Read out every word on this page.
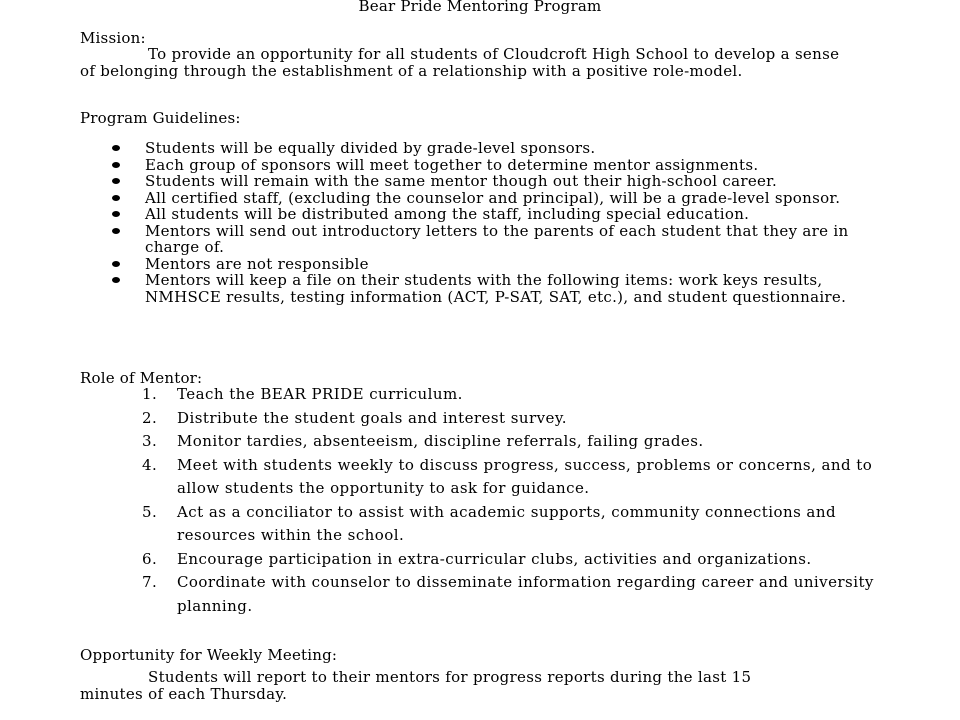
Bear Pride Mentoring Program
Mission:
To provide an opportunity for all students of Cloudcroft High School to develop a sense of belonging through the establishment of a relationship with a positive role-model.
Program Guidelines:
Students will be equally divided by grade-level sponsors.
Each group of sponsors will meet together to determine mentor assignments.
Students will remain with the same mentor though out their high-school career.
All certified staff, (excluding the counselor and principal), will be a grade-level sponsor.
All students will be distributed among the staff, including special education.
Mentors will send out introductory letters to the parents of each student that they are in charge of.
Mentors are not responsible
Mentors will keep a file on their students with the following items: work keys results, NMHSCE results, testing information (ACT, P-SAT, SAT, etc.), and student questionnaire.
Role of Mentor:
1. Teach the BEAR PRIDE curriculum.
2. Distribute the student goals and interest survey.
3. Monitor tardies, absenteeism, discipline referrals, failing grades.
4. Meet with students weekly to discuss progress, success, problems or concerns, and to allow students the opportunity to ask for guidance.
5. Act as a conciliator to assist with academic supports, community connections and resources within the school.
6. Encourage participation in extra-curricular clubs, activities and organizations.
7. Coordinate with counselor to disseminate information regarding career and university planning.
Opportunity for Weekly Meeting:
Students will report to their mentors for progress reports during the last 15 minutes of each Thursday.
